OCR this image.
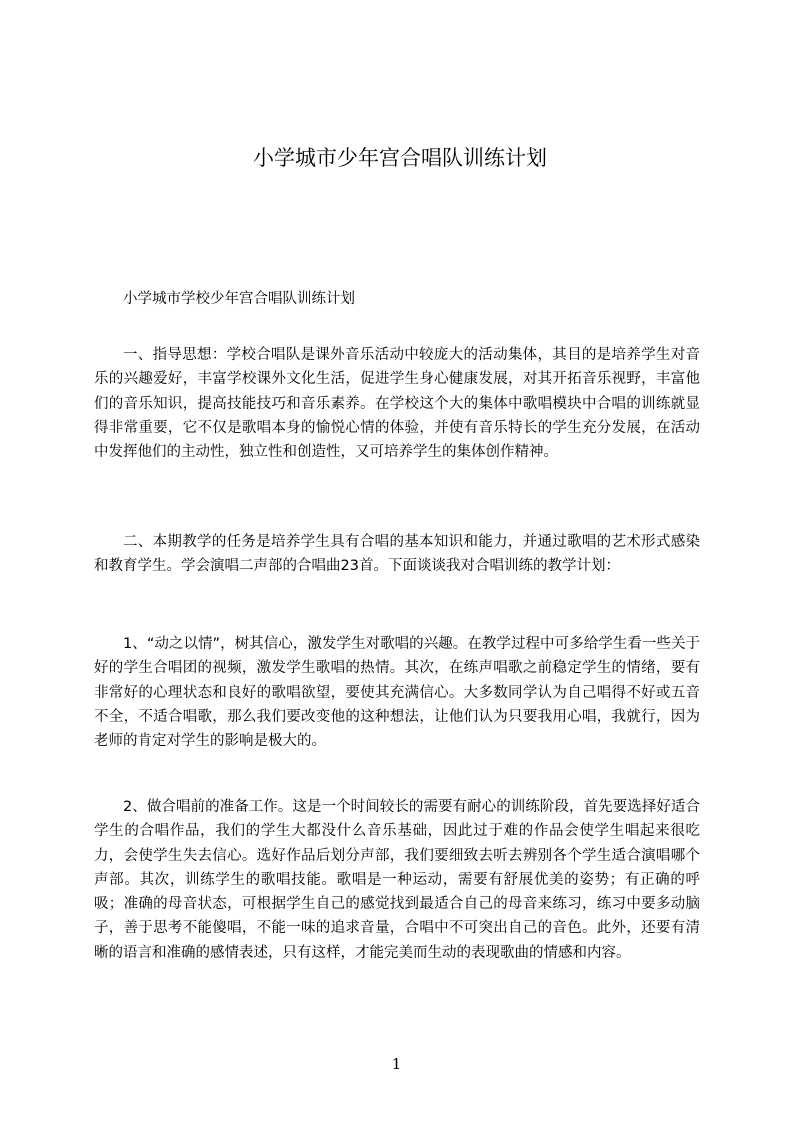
小学城市少年宫合唱队训练计划

小学城市学校少年宫合唱队训练计划

一、指导思想：学校合唱队是课外音乐活动中较庞大的活动集体，其目的是培养学生对音乐的兴趣爱好，丰富学校课外文化生活，促进学生身心健康发展，对其开拓音乐视野，丰富他们的音乐知识，提高技能技巧和音乐素养。在学校这个大的集体中歌唱模块中合唱的训练就显得非常重要，它不仅是歌唱本身的愉悦心情的体验，并使有音乐特长的学生充分发展，在活动中发挥他们的主动性，独立性和创造性，又可培养学生的集体创作精神。

二、本期教学的任务是培养学生具有合唱的基本知识和能力，并通过歌唱的艺术形式感染和教育学生。学会演唱二声部的合唱曲23首。下面谈谈我对合唱训练的教学计划：

1、“动之以情”，树其信心，激发学生对歌唱的兴趣。在教学过程中可多给学生看一些关于好的学生合唱团的视频，激发学生歌唱的热情。其次，在练声唱歌之前稳定学生的情绪，要有非常好的心理状态和良好的歌唱欲望，要使其充满信心。大多数同学认为自己唱得不好或五音不全，不适合唱歌，那么我们要改变他的这种想法，让他们认为只要我用心唱，我就行，因为老师的肯定对学生的影响是极大的。

2、做合唱前的准备工作。这是一个时间较长的需要有耐心的训练阶段，首先要选择好适合学生的合唱作品，我们的学生大都没什么音乐基础，因此过于难的作品会使学生唱起来很吃力，会使学生失去信心。选好作品后划分声部，我们要细致去听去辨别各个学生适合演唱哪个声部。其次，训练学生的歌唱技能。歌唱是一种运动，需要有舒展优美的姿势；有正确的呼吸；准确的母音状态，可根据学生自己的感觉找到最适合自己的母音来练习，练习中要多动脑子，善于思考不能傻唱，不能一味的追求音量，合唱中不可突出自己的音色。此外，还要有清晰的语言和准确的感情表述，只有这样，才能完美而生动的表现歌曲的情感和内容。

1
